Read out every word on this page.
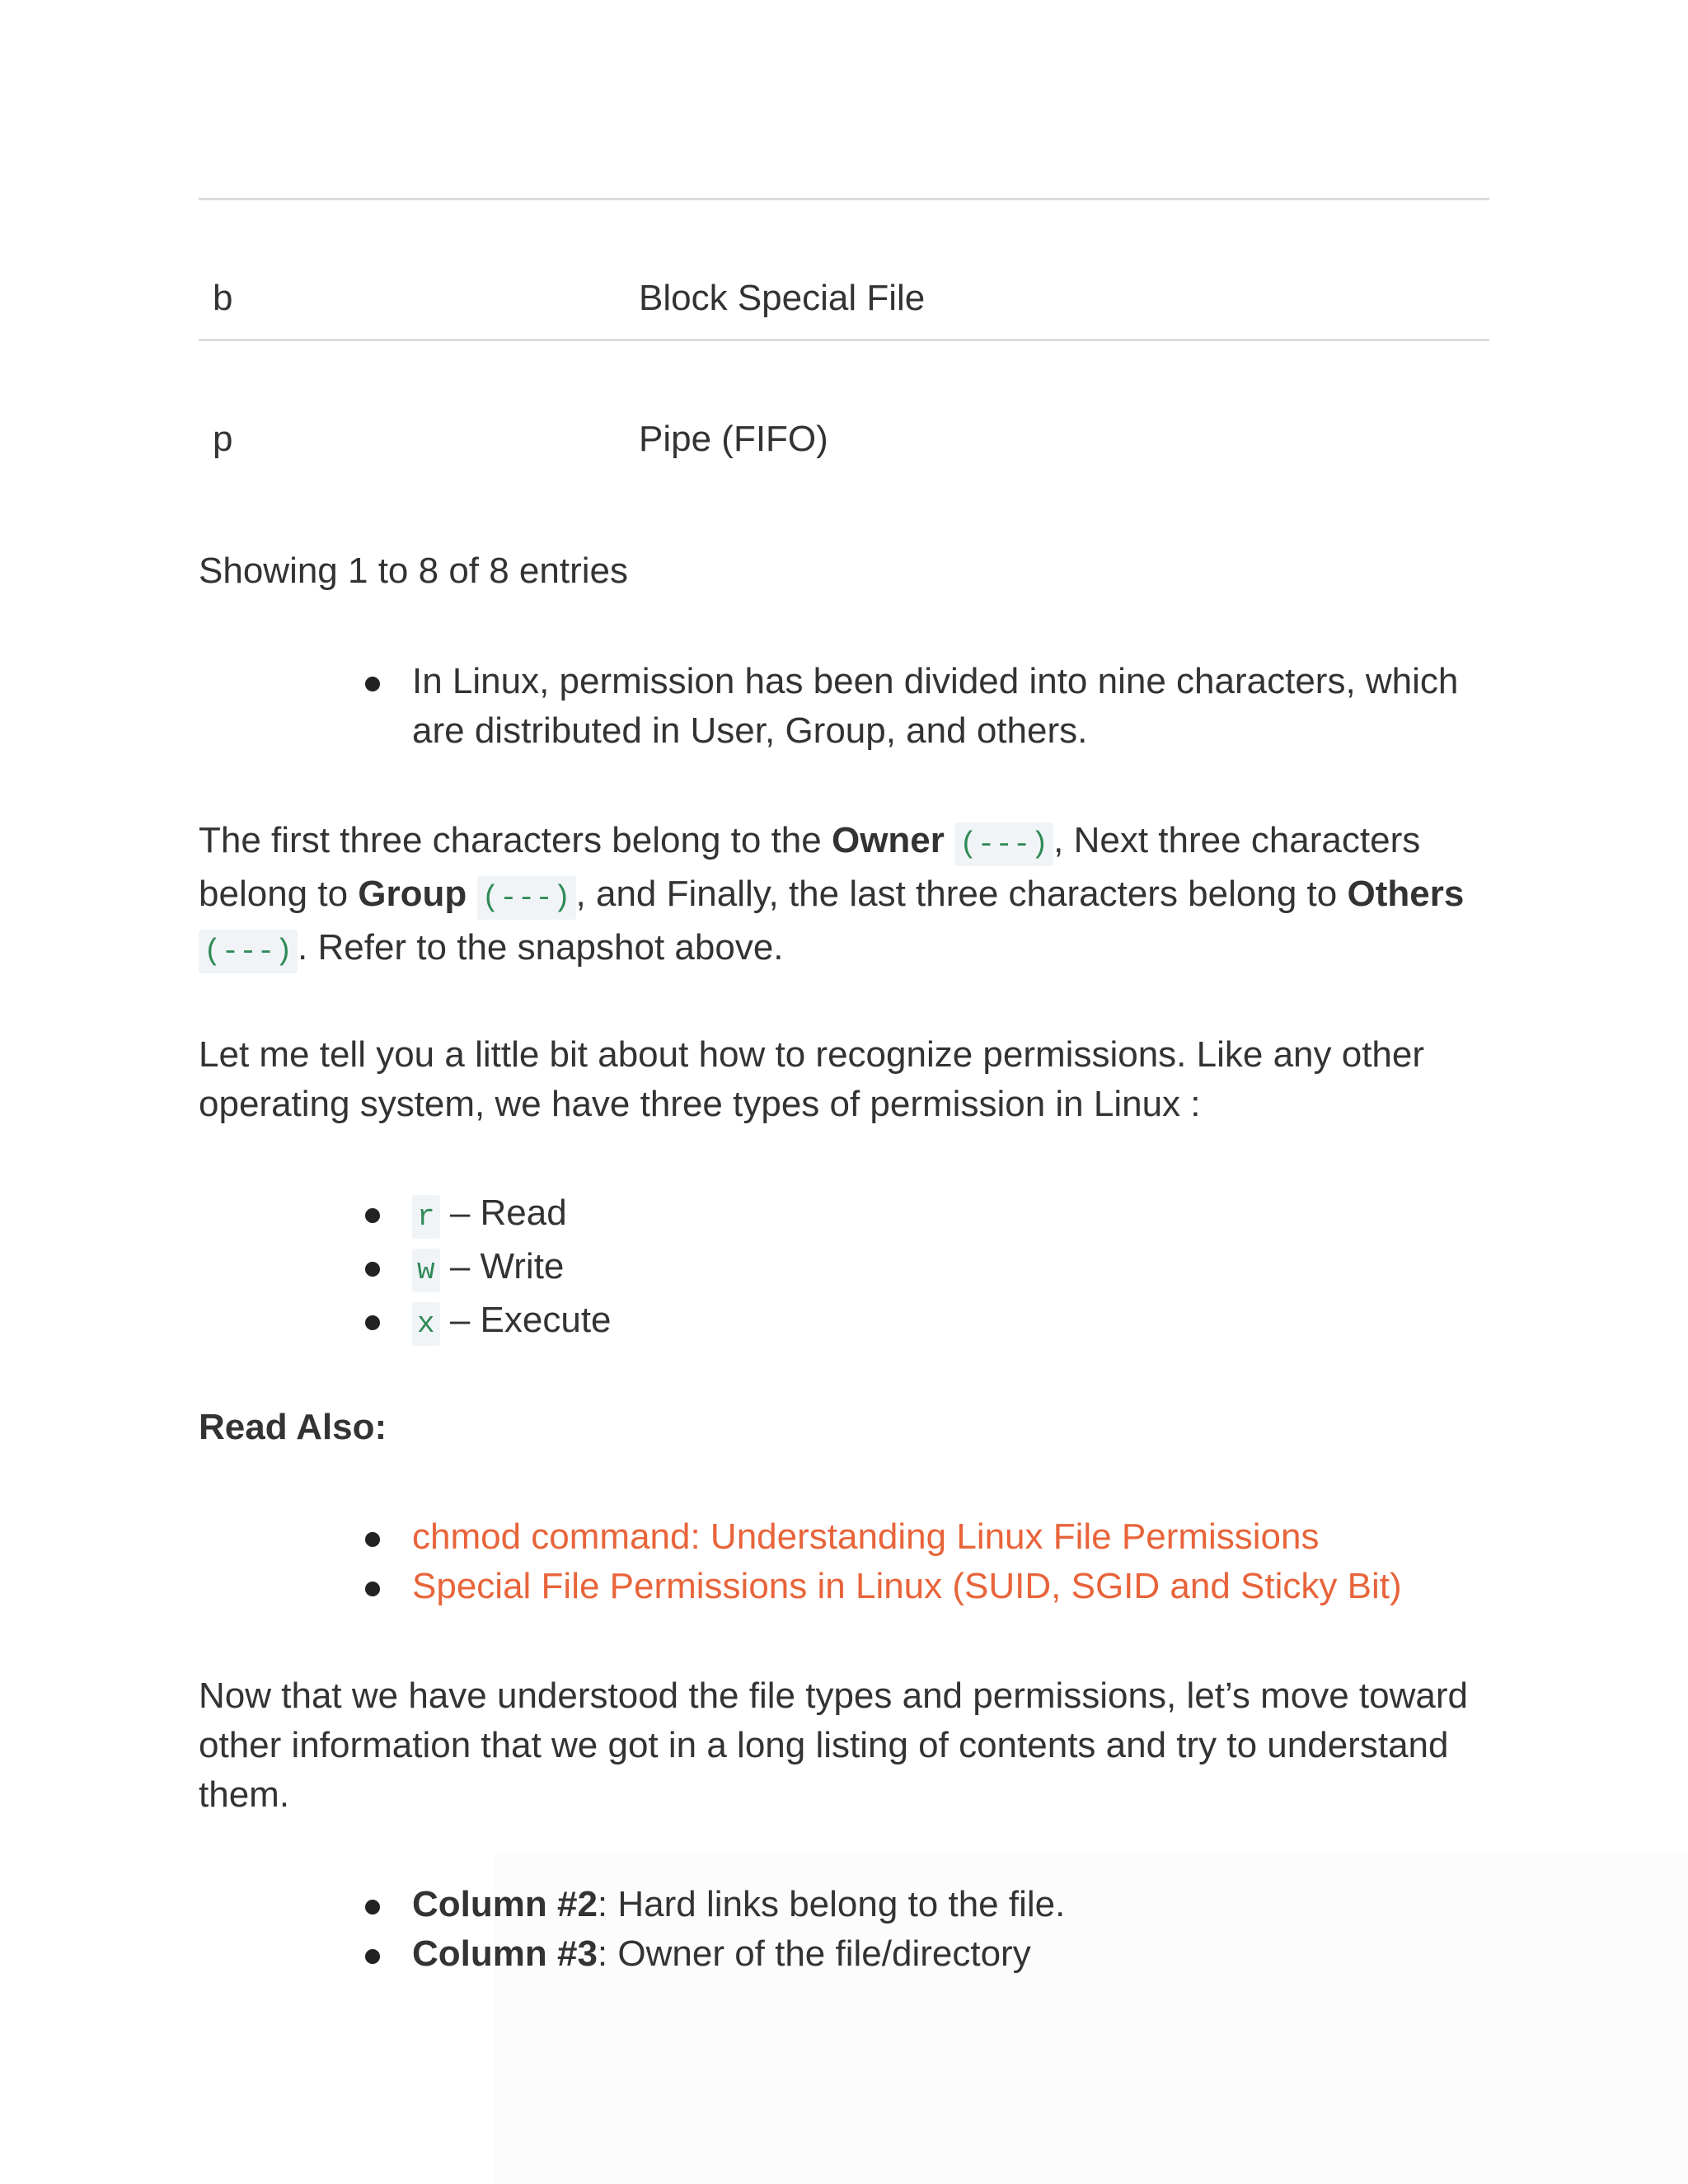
b	Block Special File
p	Pipe (FIFO)
Showing 1 to 8 of 8 entries
In Linux, permission has been divided into nine characters, which are distributed in User, Group, and others.

The first three characters belong to the Owner (---) , Next three characters belong to Group (---) , and Finally, the last three characters belong to Others (---) . Refer to the snapshot above.

Let me tell you a little bit about how to recognize permissions. Like any other operating system, we have three types of permission in Linux :

r – Read
w – Write
x – Execute

Read Also:

chmod command: Understanding Linux File Permissions
Special File Permissions in Linux (SUID, SGID and Sticky Bit)

Now that we have understood the file types and permissions, let’s move toward other information that we got in a long listing of contents and try to understand them.

Column #2: Hard links belong to the file.
Column #3: Owner of the file/directory
